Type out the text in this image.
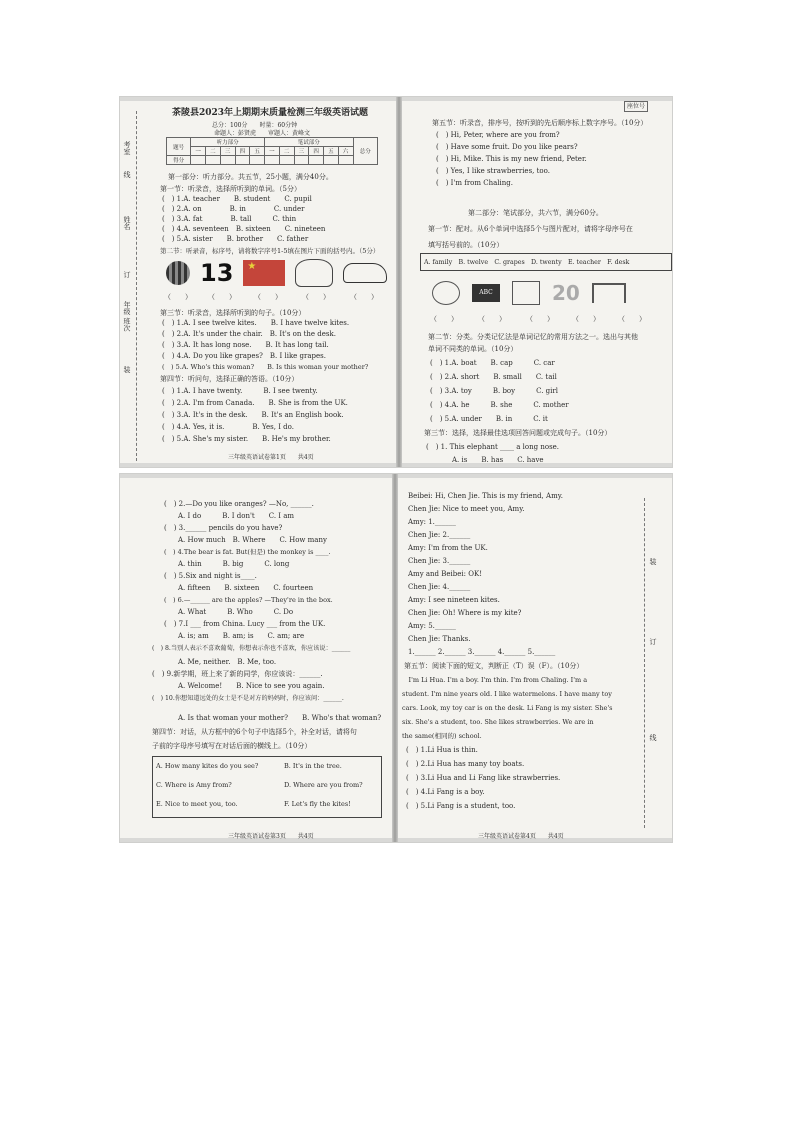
考室
线
姓名
订
年级 班次
装
茶陵县2023年上期期末质量检测三年级英语试题
总分：100分　　时量：60分钟
命题人：彭贤虎　　审题人：黄峰文
题号	听力部分					笔试部分						总分
	一	二	三	四	五	一	二	三	四	五	六	
得分												
第一部分：听力部分。共五节，25小题，满分40分。
第一节：听录音，选择所听到的单词。（5分）
(　) 1.A. teacher　　B. student　　C. pupil
(　) 2.A. on　　　　B. in　　　　C. under
(　) 3.A. fat　　　　B. tall　　　C. thin
(　) 4.A. seventeen　B. sixteen　　C. nineteen
(　) 5.A. sister　　B. brother　　C. father
第二节：听录音，标序号，请将数字序号1-5填在图片下面的括号内。（5分）
13
★
（　　） （　　）	（　　）	（　　）	（　　）
第三节：听录音，选择所听到的句子。（10分）
(　) 1.A. I see twelve kites.　　B. I have twelve kites.
(　) 2.A. It's under the chair.　B. It's on the desk.
(　) 3.A. It has long nose.　　B. It has long tail.
(　) 4.A. Do you like grapes?　B. I like grapes.
(　) 5.A. Who's this woman?　　B. Is this woman your mother?
第四节：听问句，选择正确的答语。（10分）
(　) 1.A. I have twenty.　　　B. I see twenty.
(　) 2.A. I'm from Canada.　　B. She is from the UK.
(　) 3.A. It's in the desk.　　B. It's an English book.
(　) 4.A. Yes, it is.　　　　B. Yes, I do.
(　) 5.A. She's my sister.　　B. He's my brother.
三年级英语试卷第1页　　共4页
座位号
第五节：听录音，排序号，按听到的先后顺序标上数字序号。（10分）
(　) Hi, Peter, where are you from?
(　) Have some fruit. Do you like pears?
(　) Hi, Mike. This is my new friend, Peter.
(　) Yes, I like strawberries, too.
(　) I'm from Chaling.
第二部分：笔试部分，共六节，满分60分。
第一节：配对。从6个单词中选择5个与图片配对，请将字母序号在
填写括号前的。（10分）
A. family　B. twelve　C. grapes　D. twenty　E. teacher　F. desk
ABC	20
（　　）	（　　）	（　　）	（　　）	（　　）
第二节：分类。分类记忆法是单词记忆的常用方法之一。选出与其他
单词不同类的单词。（10分）
(　) 1.A. boat　　B. cap　　　C. car
(　) 2.A. short　　B. small　　C. tail
(　) 3.A. toy　　　B. boy　　　C. girl
(　) 4.A. he　　　B. she　　　C. mother
(　) 5.A. under　　B. in　　　C. it
第三节：选择，选择最佳选项回答问题或完成句子。（10分）
(　) 1. This elephant ____ a long nose.
A. is　　B. has　　C. have
(　) 2.—Do you like oranges? —No, ______.
　　A. I do　　　B. I don't　　C. I am
(　) 3.______ pencils do you have?
　　A. How much　B. Where　　C. How many
(　) 4.The bear is fat. But(但是) the monkey is ____.
　　A. thin　　　B. big　　　C. long
(　) 5.Six and night is____.
　　A. fifteen　　B. sixteen　　C. fourteen
(　) 6.—______ are the apples? —They're in the box.
　　A. What　　　B. Who　　　C. Do
(　) 7.I ___ from China. Lucy ___ from the UK.
　　A. is; am　　B. am; is　　C. am; are
(　) 8.当别人表示不喜欢葡萄，你想表示你也不喜欢，你应该说：______
　　A. Me, neither.　B. Me, too.
(　) 9.新学期，班上来了新的同学，你应该说：______.
　　A. Welcome!　　B. Nice to see you again.
(　) 10.你想知道远处的女士是不是对方的妈妈时，你应该问：______.
　　A. Is that woman your mother?　　B. Who's that woman?
第四节：对话，从方框中的6个句子中选择5个，补全对话，请将句
子前的字母序号填写在对话后面的横线上。（10分）
A. How many kites do you see?	B. It's in the tree.
C. Where is Amy from?	D. Where are you from?
E. Nice to meet you, too.	F. Let's fly the kites!
三年级英语试卷第3页　　共4页
装
订
线
Beibei: Hi, Chen Jie. This is my friend, Amy.
Chen Jie: Nice to meet you, Amy.
Amy: 1.______
Chen Jie: 2.______
Amy: I'm from the UK.
Chen Jie: 3.______
Amy and Beibei: OK!
Chen Jie: 4.______
Amy: I see nineteen kites.
Chen Jie: Oh! Where is my kite?
Amy: 5.______
Chen Jie: Thanks.
1.______ 2.______ 3.______ 4.______ 5.______
第五节：阅读下面的短文，判断正（T）误（F）。（10分）
　I'm Li Hua. I'm a boy. I'm thin. I'm from Chaling. I'm a
student. I'm nine years old. I like watermelons. I have many toy
cars. Look, my toy car is on the desk. Li Fang is my sister. She's
six. She's a student, too. She likes strawberries. We are in
the same(相同的) school.
(　) 1.Li Hua is thin.
(　) 2.Li Hua has many toy boats.
(　) 3.Li Hua and Li Fang like strawberries.
(　) 4.Li Fang is a boy.
(　) 5.Li Fang is a student, too.
三年级英语试卷第4页　　共4页
